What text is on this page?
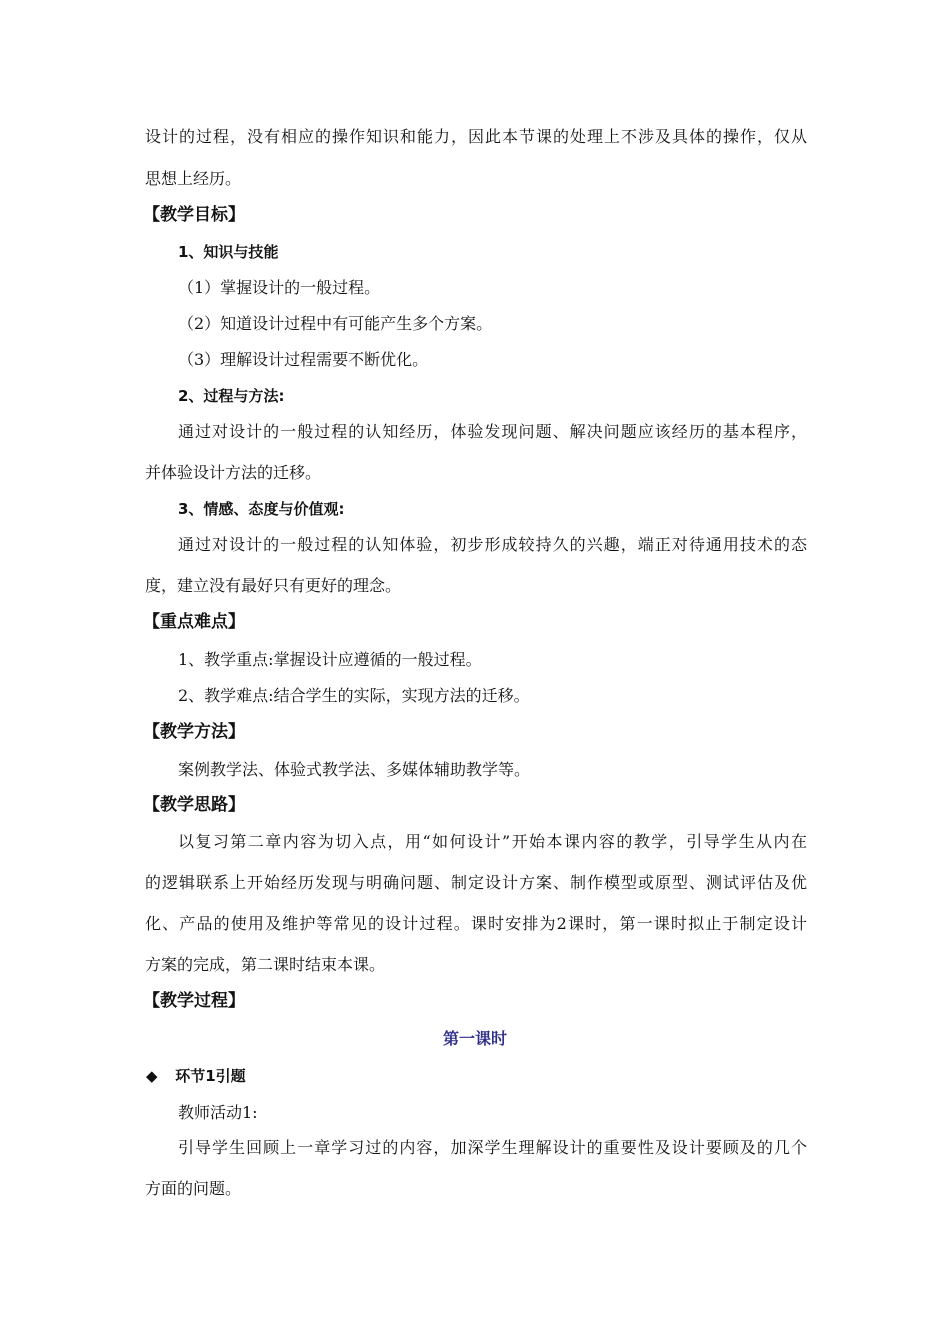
设计的过程，没有相应的操作知识和能力，因此本节课的处理上不涉及具体的操作，仅从
思想上经历。
【教学目标】
1、知识与技能
（1）掌握设计的一般过程。
（2）知道设计过程中有可能产生多个方案。
（3）理解设计过程需要不断优化。
2、过程与方法:
通过对设计的一般过程的认知经历，体验发现问题、解决问题应该经历的基本程序，
并体验设计方法的迁移。
3、情感、态度与价值观:
通过对设计的一般过程的认知体验，初步形成较持久的兴趣，端正对待通用技术的态
度，建立没有最好只有更好的理念。
【重点难点】
1、教学重点:掌握设计应遵循的一般过程。
2、教学难点:结合学生的实际，实现方法的迁移。
【教学方法】
案例教学法、体验式教学法、多媒体辅助教学等。
【教学思路】
以复习第二章内容为切入点，用“如何设计”开始本课内容的教学，引导学生从内在
的逻辑联系上开始经历发现与明确问题、制定设计方案、制作模型或原型、测试评估及优
化、产品的使用及维护等常见的设计过程。课时安排为2课时，第一课时拟止于制定设计
方案的完成，第二课时结束本课。
【教学过程】
第一课时
◆ 环节1引题
教师活动1:
引导学生回顾上一章学习过的内容，加深学生理解设计的重要性及设计要顾及的几个
方面的问题。
